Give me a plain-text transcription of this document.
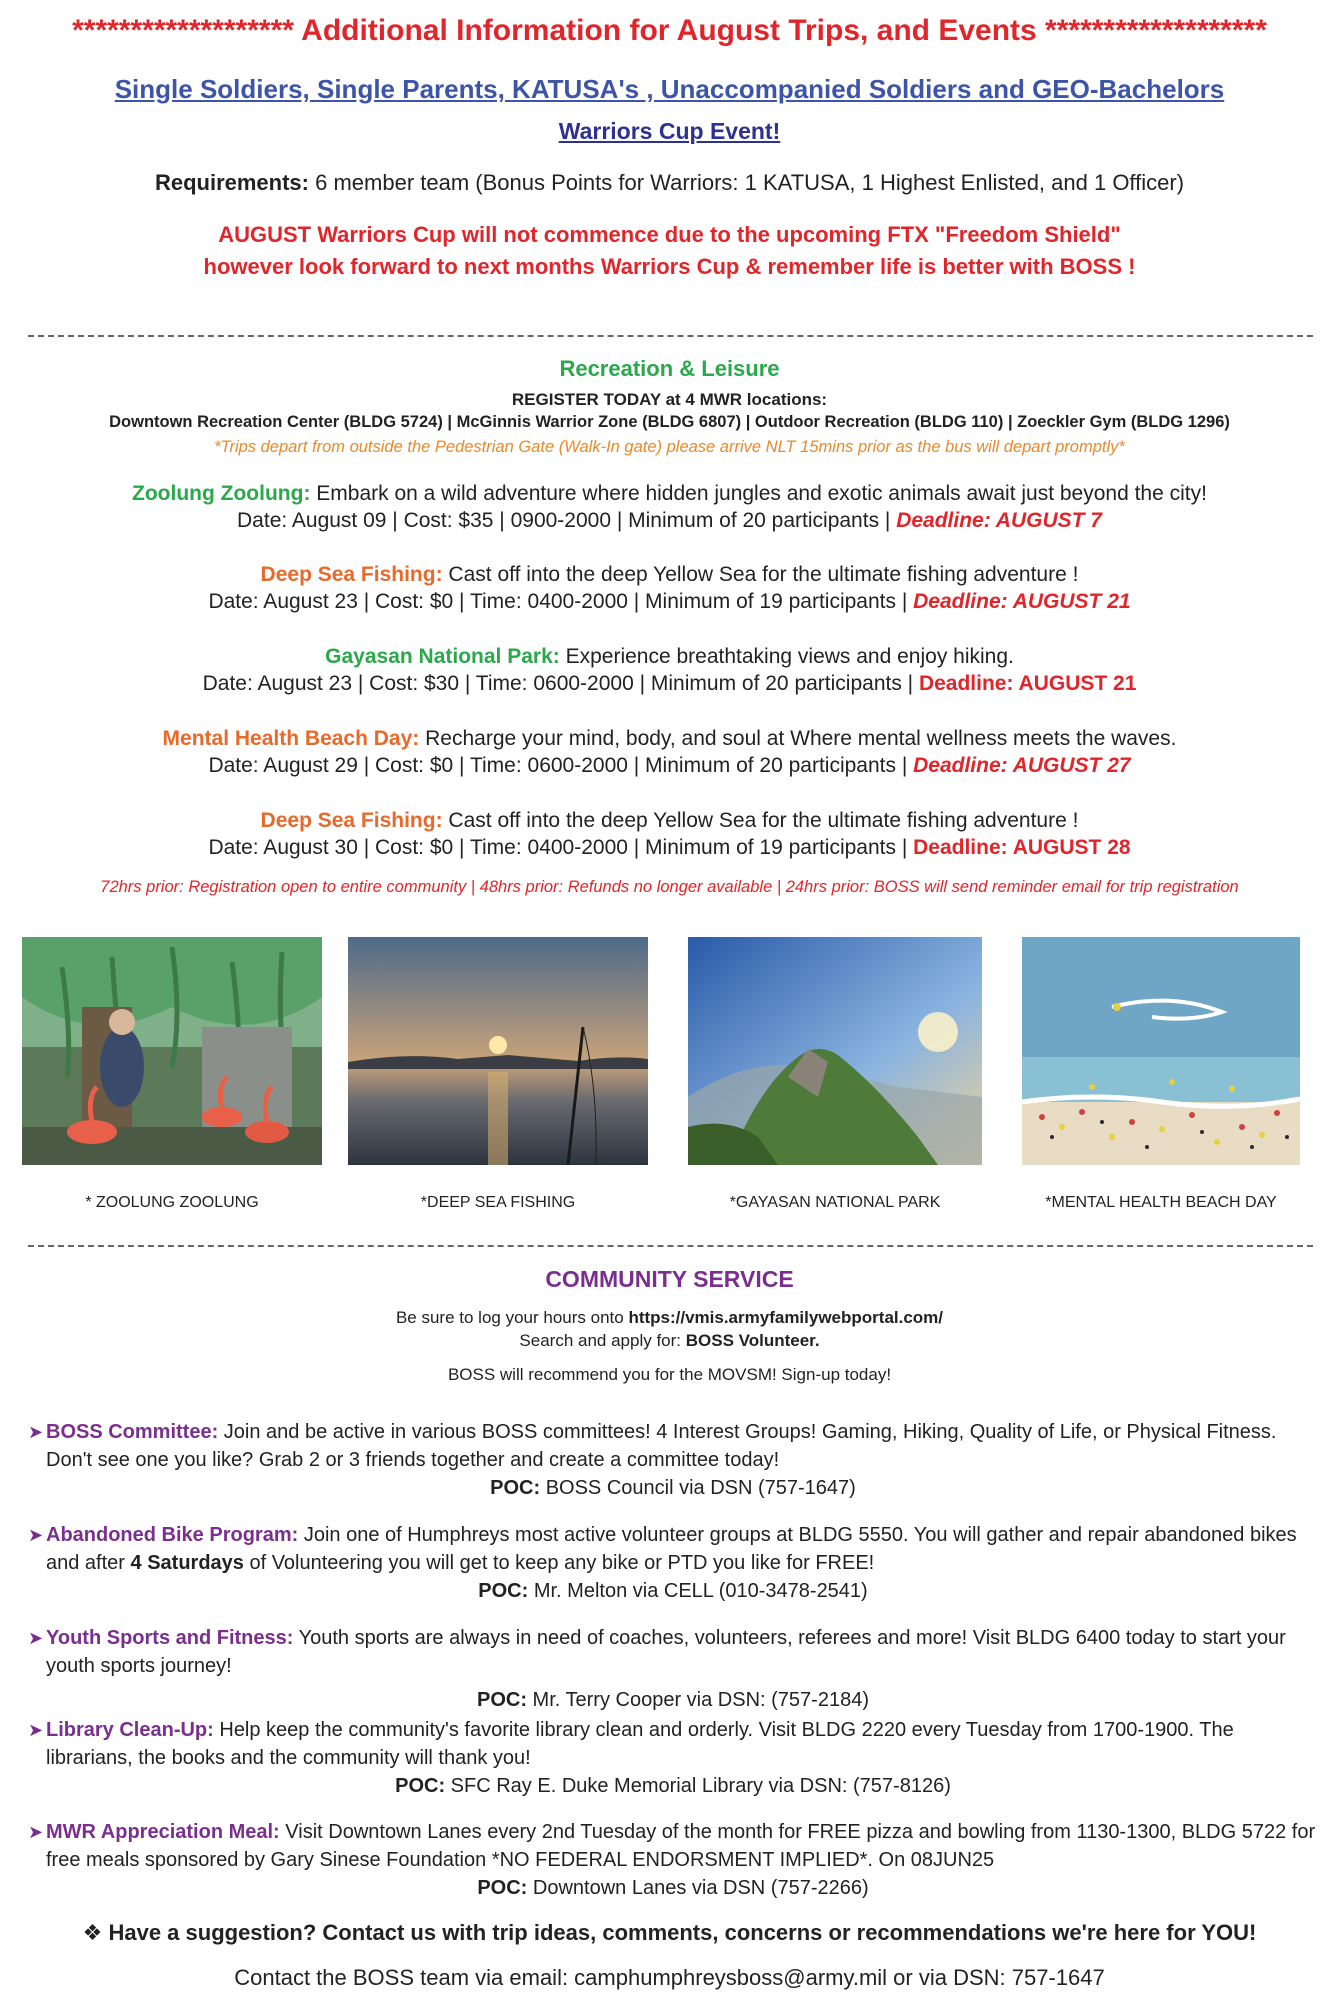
******************* Additional Information for August Trips, and Events *******************
Single Soldiers, Single Parents, KATUSA's , Unaccompanied Soldiers and GEO-Bachelors
Warriors Cup Event!
Requirements: 6 member team (Bonus Points for Warriors: 1 KATUSA, 1 Highest Enlisted, and 1 Officer)
AUGUST Warriors Cup will not commence due to the upcoming FTX "Freedom Shield"
however look forward to next months Warriors Cup & remember life is better with BOSS !
Recreation & Leisure
REGISTER TODAY at 4 MWR locations:
Downtown Recreation Center (BLDG 5724) | McGinnis Warrior Zone (BLDG 6807) | Outdoor Recreation (BLDG 110) | Zoeckler Gym (BLDG 1296)
*Trips depart from outside the Pedestrian Gate (Walk-In gate) please arrive NLT 15mins prior as the bus will depart promptly*
Zoolung Zoolung: Embark on a wild adventure where hidden jungles and exotic animals await just beyond the city!
Date: August 09 | Cost: $35 | 0900-2000 | Minimum of 20 participants | Deadline: AUGUST 7
Deep Sea Fishing: Cast off into the deep Yellow Sea for the ultimate fishing adventure !
Date: August 23 | Cost: $0 | Time: 0400-2000 | Minimum of 19 participants | Deadline: AUGUST 21
Gayasan National Park: Experience breathtaking views and enjoy hiking.
Date: August 23 | Cost: $30 | Time: 0600-2000 | Minimum of 20 participants | Deadline: AUGUST 21
Mental Health Beach Day: Recharge your mind, body, and soul at Where mental wellness meets the waves.
Date: August 29 | Cost: $0 | Time: 0600-2000 | Minimum of 20 participants | Deadline: AUGUST 27
Deep Sea Fishing: Cast off into the deep Yellow Sea for the ultimate fishing adventure !
Date: August 30 | Cost: $0 | Time: 0400-2000 | Minimum of 19 participants | Deadline: AUGUST 28
72hrs prior: Registration open to entire community | 48hrs prior: Refunds no longer available | 24hrs prior: BOSS will send reminder email for trip registration
* ZOOLUNG ZOOLUNG	*DEEP SEA FISHING	*GAYASAN NATIONAL PARK	*MENTAL HEALTH BEACH DAY
COMMUNITY SERVICE
Be sure to log your hours onto https://vmis.armyfamilywebportal.com/
Search and apply for: BOSS Volunteer.
BOSS will recommend you for the MOVSM! Sign-up today!
➤ BOSS Committee: Join and be active in various BOSS committees! 4 Interest Groups! Gaming, Hiking, Quality of Life, or Physical Fitness. Don't see one you like? Grab 2 or 3 friends together and create a committee today!
POC: BOSS Council via DSN (757-1647)
➤ Abandoned Bike Program: Join one of Humphreys most active volunteer groups at BLDG 5550. You will gather and repair abandoned bikes and after 4 Saturdays of Volunteering you will get to keep any bike or PTD you like for FREE!
POC: Mr. Melton via CELL (010-3478-2541)
➤ Youth Sports and Fitness: Youth sports are always in need of coaches, volunteers, referees and more! Visit BLDG 6400 today to start your youth sports journey!
POC: Mr. Terry Cooper via DSN: (757-2184)
➤ Library Clean-Up: Help keep the community's favorite library clean and orderly. Visit BLDG 2220 every Tuesday from 1700-1900. The librarians, the books and the community will thank you!
POC: SFC Ray E. Duke Memorial Library via DSN: (757-8126)
➤ MWR Appreciation Meal: Visit Downtown Lanes every 2nd Tuesday of the month for FREE pizza and bowling from 1130-1300, BLDG 5722 for free meals sponsored by Gary Sinese Foundation *NO FEDERAL ENDORSMENT IMPLIED*. On 08JUN25
POC: Downtown Lanes via DSN (757-2266)
❖ Have a suggestion? Contact us with trip ideas, comments, concerns or recommendations we're here for YOU!
Contact the BOSS team via email: camphumphreysboss@army.mil or via DSN: 757-1647
